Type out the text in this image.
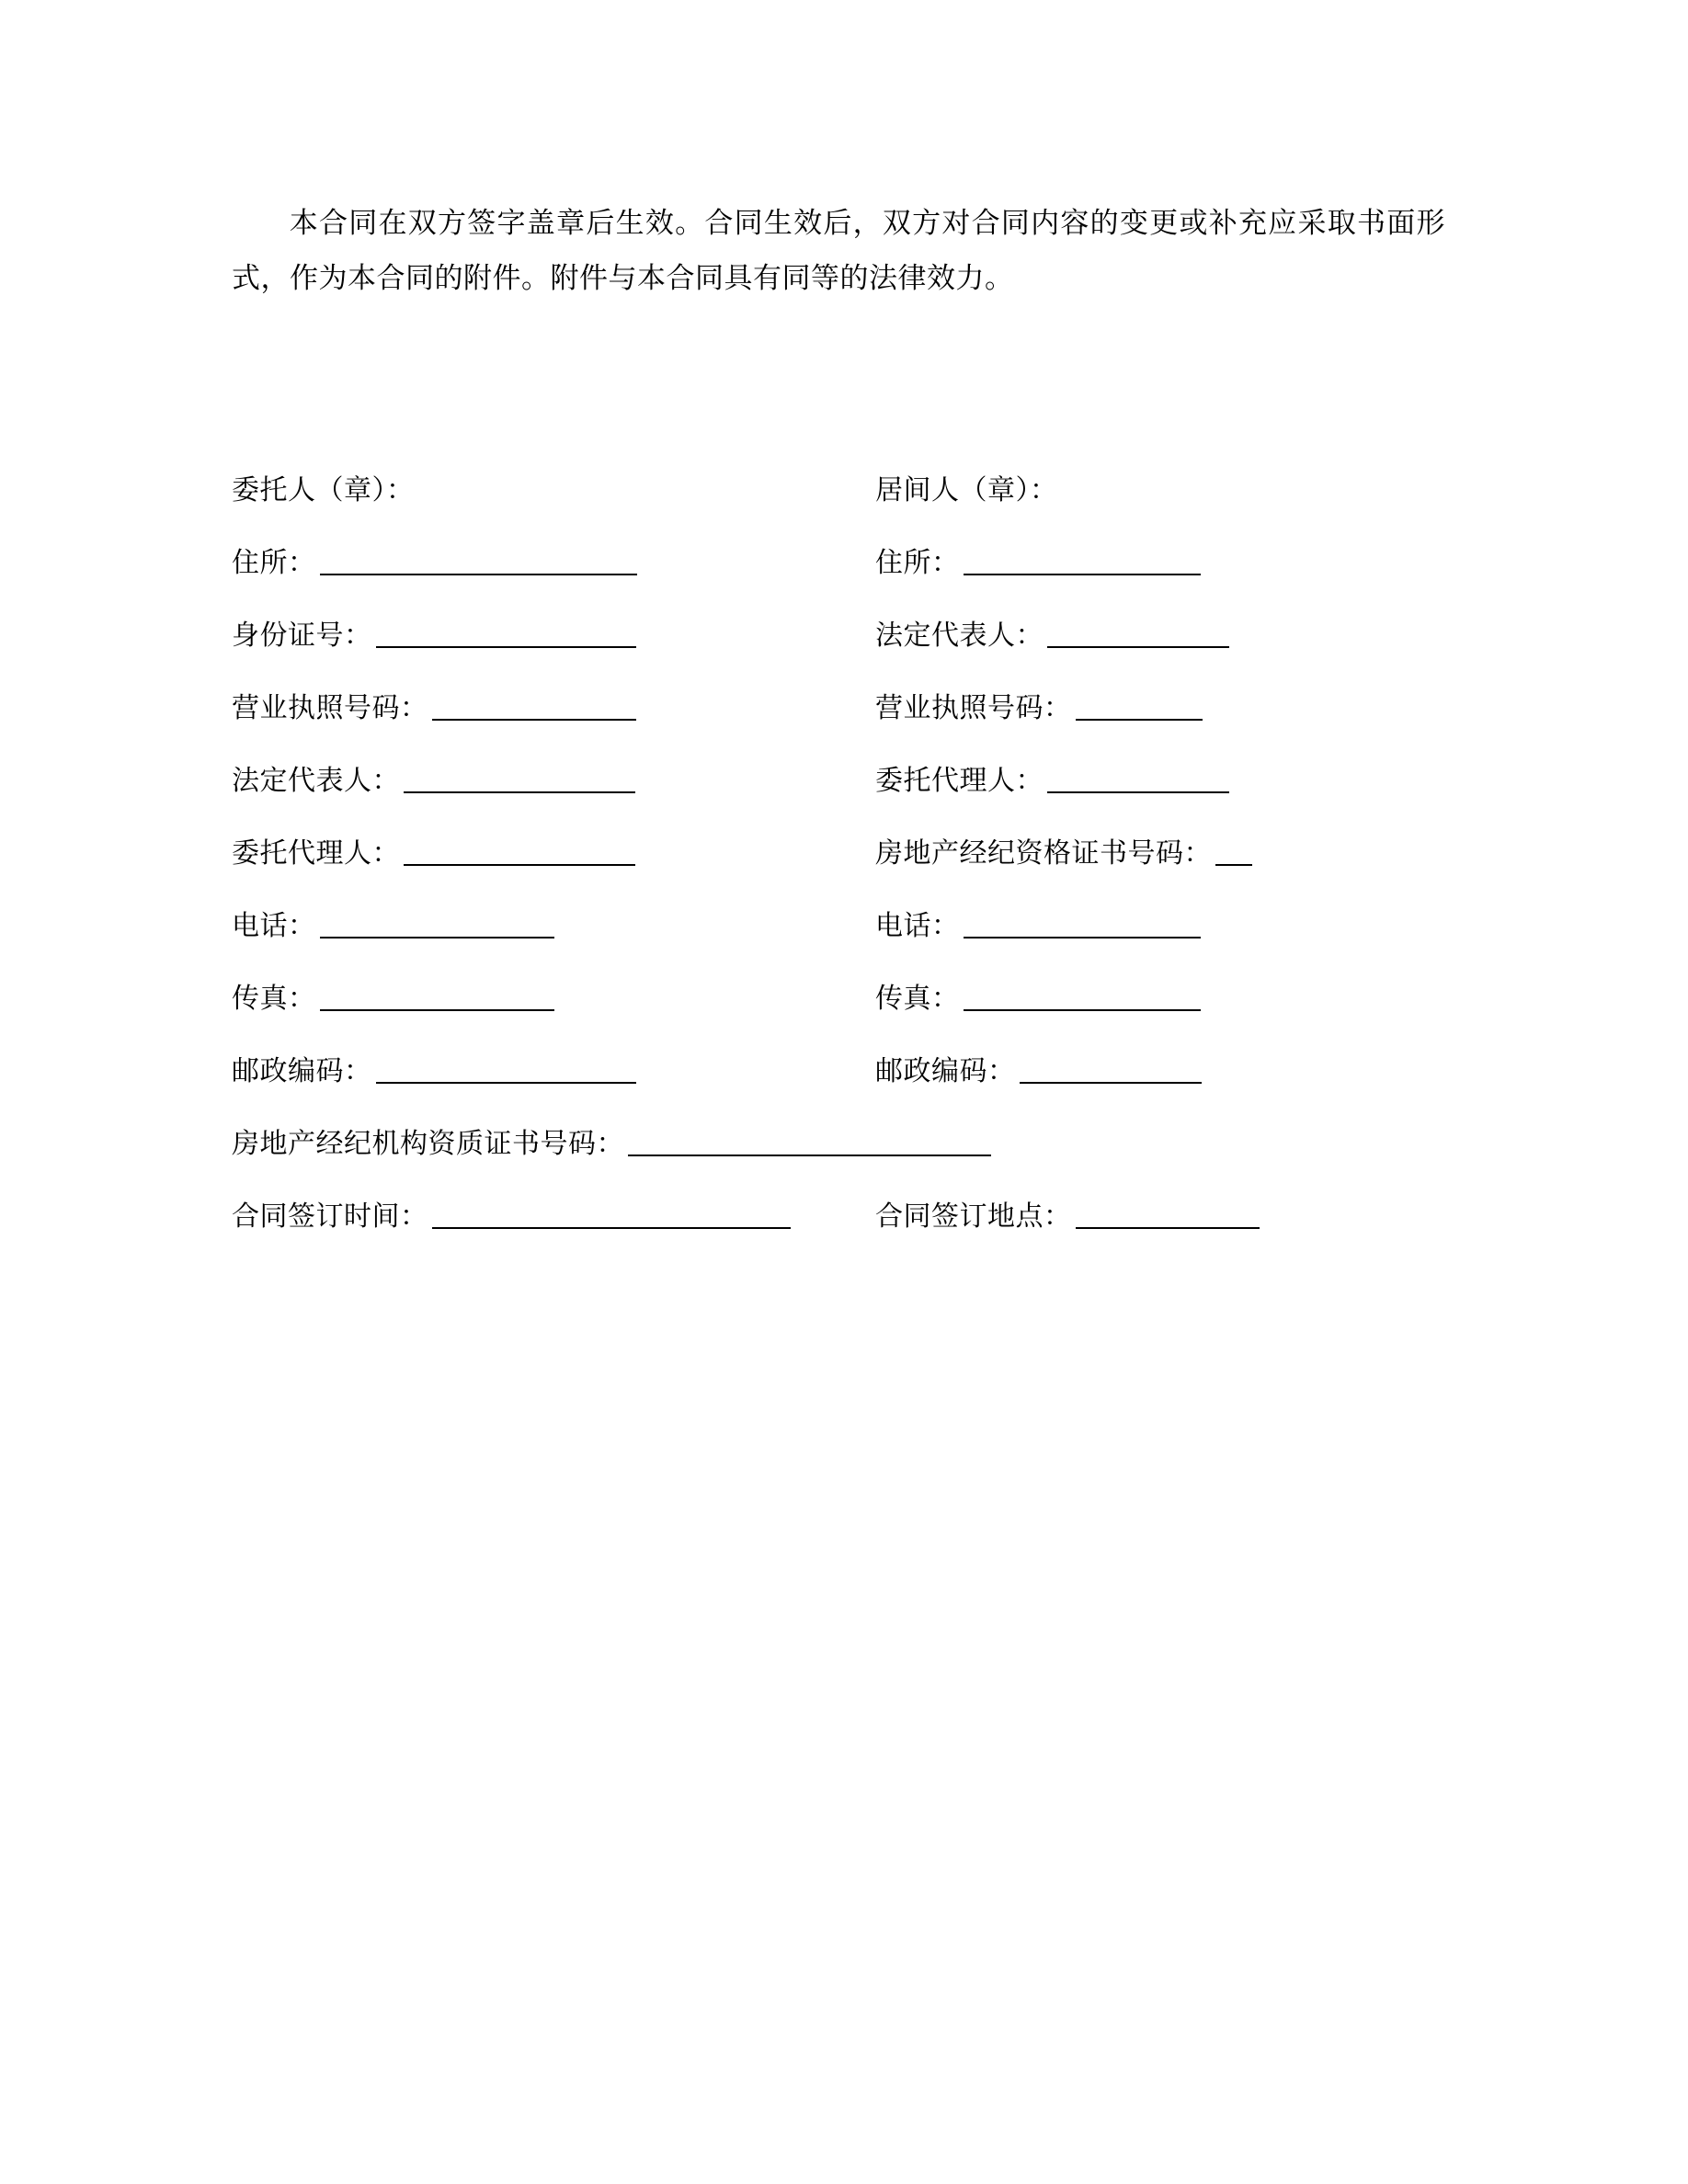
本合同在双方签字盖章后生效。合同生效后，双方对合同内容的变更或补充应采取书面形式，作为本合同的附件。附件与本合同具有同等的法律效力。

委托人（章）：	居间人（章）：
住所：	住所：
身份证号：	法定代表人：
营业执照号码：	营业执照号码：
法定代表人：	委托代理人：
委托代理人：	房地产经纪资格证书号码：
电话：	电话：
传真：	传真：
邮政编码：	邮政编码：
房地产经纪机构资质证书号码：
合同签订时间：	合同签订地点：
